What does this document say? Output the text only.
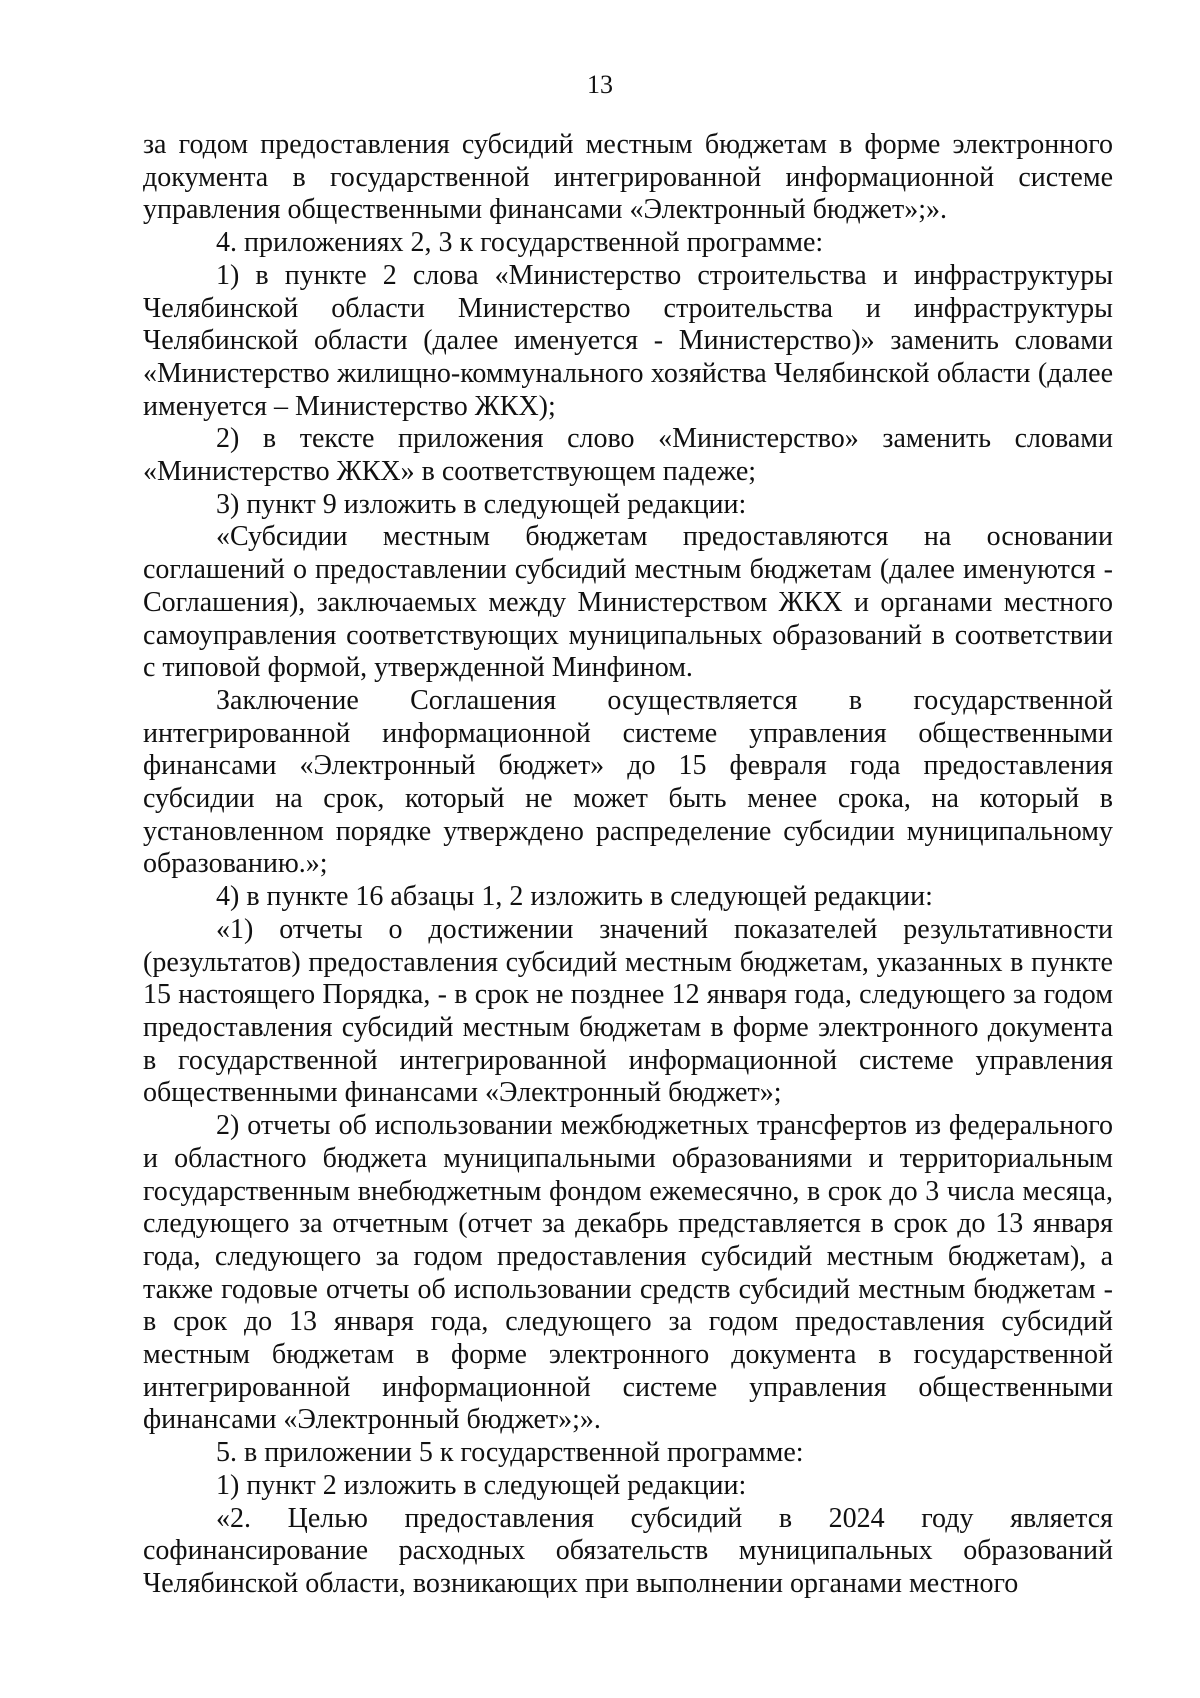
13

за годом предоставления субсидий местным бюджетам в форме электронного документа в государственной интегрированной информационной системе управления общественными финансами «Электронный бюджет»;».

4. приложениях 2, 3 к государственной программе:

1) в пункте 2 слова «Министерство строительства и инфраструктуры Челябинской области Министерство строительства и инфраструктуры Челябинской области (далее именуется - Министерство)» заменить словами «Министерство жилищно-коммунального хозяйства Челябинской области (далее именуется – Министерство ЖКХ);

2) в тексте приложения слово «Министерство» заменить словами «Министерство ЖКХ» в соответствующем падеже;

3) пункт 9 изложить в следующей редакции:

«Субсидии местным бюджетам предоставляются на основании соглашений о предоставлении субсидий местным бюджетам (далее именуются - Соглашения), заключаемых между Министерством ЖКХ и органами местного самоуправления соответствующих муниципальных образований в соответствии с типовой формой, утвержденной Минфином.

Заключение Соглашения осуществляется в государственной интегрированной информационной системе управления общественными финансами «Электронный бюджет» до 15 февраля года предоставления субсидии на срок, который не может быть менее срока, на который в установленном порядке утверждено распределение субсидии муниципальному образованию.»;

4) в пункте 16 абзацы 1, 2 изложить в следующей редакции:

«1) отчеты о достижении значений показателей результативности (результатов) предоставления субсидий местным бюджетам, указанных в пункте 15 настоящего Порядка, - в срок не позднее 12 января года, следующего за годом предоставления субсидий местным бюджетам в форме электронного документа в государственной интегрированной информационной системе управления общественными финансами «Электронный бюджет»;

2) отчеты об использовании межбюджетных трансфертов из федерального и областного бюджета муниципальными образованиями и территориальным государственным внебюджетным фондом ежемесячно, в срок до 3 числа месяца, следующего за отчетным (отчет за декабрь представляется в срок до 13 января года, следующего за годом предоставления субсидий местным бюджетам), а также годовые отчеты об использовании средств субсидий местным бюджетам - в срок до 13 января года, следующего за годом предоставления субсидий местным бюджетам в форме электронного документа в государственной интегрированной информационной системе управления общественными финансами «Электронный бюджет»;».

5. в приложении 5 к государственной программе:

1) пункт 2 изложить в следующей редакции:

«2. Целью предоставления субсидий в 2024 году является софинансирование расходных обязательств муниципальных образований Челябинской области, возникающих при выполнении органами местного
